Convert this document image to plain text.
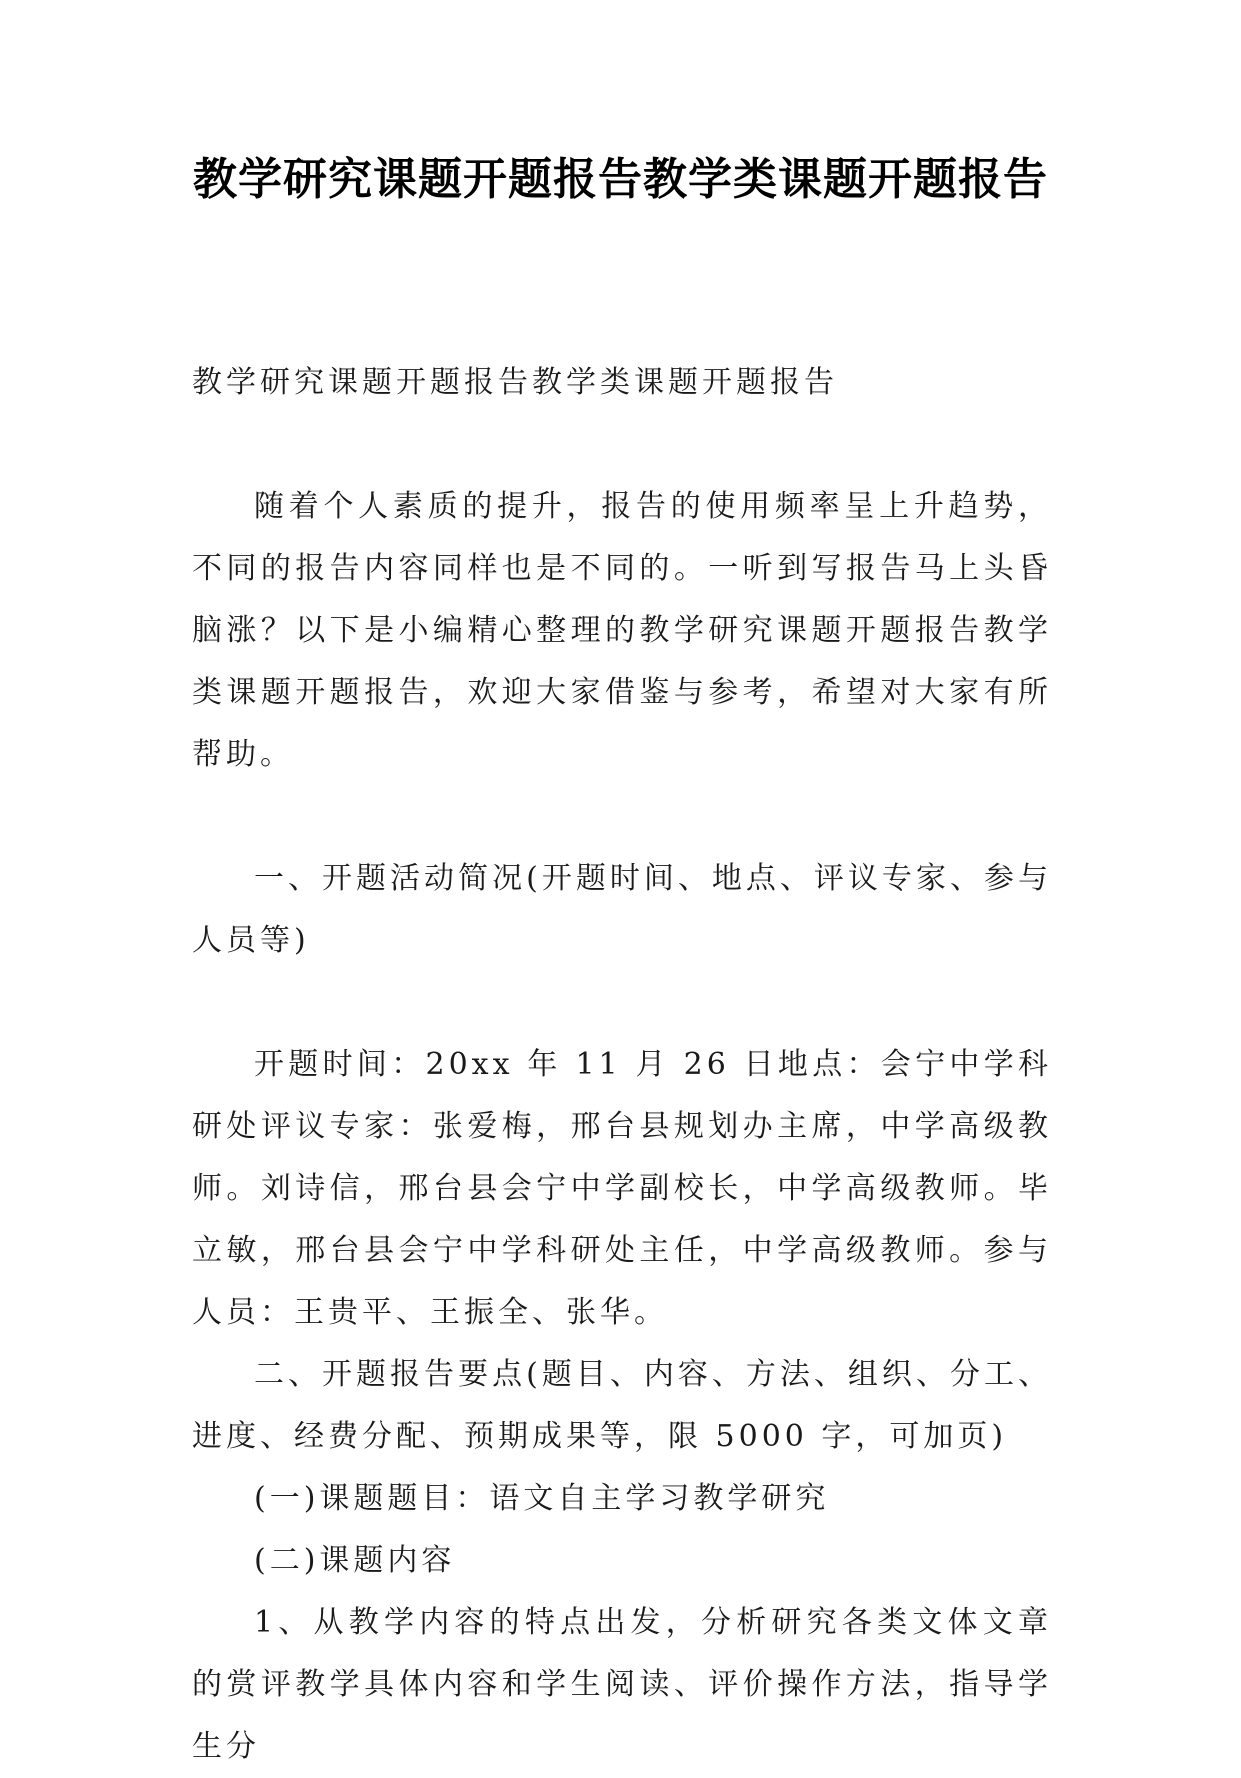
教学研究课题开题报告教学类课题开题报告

教学研究课题开题报告教学类课题开题报告

随着个人素质的提升，报告的使用频率呈上升趋势，不同的报告内容同样也是不同的。一听到写报告马上头昏脑涨？以下是小编精心整理的教学研究课题开题报告教学类课题开题报告，欢迎大家借鉴与参考，希望对大家有所帮助。

一、开题活动简况(开题时间、地点、评议专家、参与人员等)

开题时间：20xx 年 11 月 26 日地点：会宁中学科研处评议专家：张爱梅，邢台县规划办主席，中学高级教师。刘诗信，邢台县会宁中学副校长，中学高级教师。毕立敏，邢台县会宁中学科研处主任，中学高级教师。参与人员：王贵平、王振全、张华。

二、开题报告要点(题目、内容、方法、组织、分工、进度、经费分配、预期成果等，限 5000 字，可加页)

(一)课题题目：语文自主学习教学研究

(二)课题内容

1、从教学内容的特点出发，分析研究各类文体文章的赏评教学具体内容和学生阅读、评价操作方法，指导学生分
